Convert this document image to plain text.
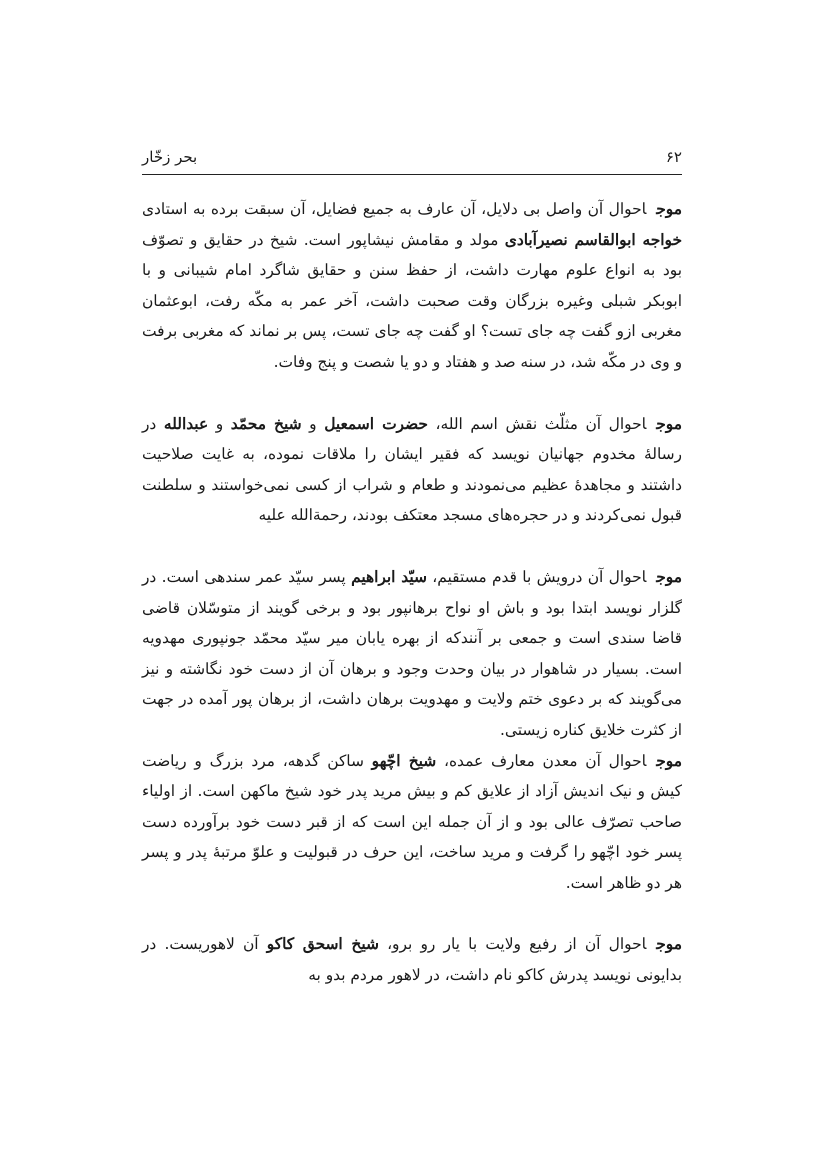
بحر زخّار	۶۲

موجاحوال آن واصل بی دلایل، آن عارف به جمیع فضایل، آن سبقت برده به استادی خواجه ابوالقاسم نصیرآبادی مولد و مقامش نیشاپور است. شیخ در حقایق و تصوّف بود به انواع علوم مهارت داشت، از حفظ سنن و حقایق شاگرد امام شیبانی و با ابوبکر شبلی وغیره بزرگان وقت صحبت داشت، آخر عمر به مکّه رفت، ابوعثمان مغربی ازو گفت چه جای تست؟ او گفت چه جای تست، پس بر نماند که مغربی برفت و وی در مکّه شد، در سنه صد و هفتاد و دو یا شصت و پنج وفات.

موجاحوال آن مثلّث نقش اسم الله، حضرت اسمعیل و شیخ محمّد و عبدالله در رسالهٔ مخدوم جهانیان نویسد که فقیر ایشان را ملاقات نموده، به غایت صلاحیت داشتند و مجاهدهٔ عظیم می‌نمودند و طعام و شراب از کسی نمی‌خواستند و سلطنت قبول نمی‌کردند و در حجره‌های مسجد معتکف بودند، رحمةالله علیه

موجاحوال آن درویش با قدم مستقیم، سیّد ابراهیم پسر سیّد عمر سندهی است. در گلزار نویسد ابتدا بود و باش او نواح برهانپور بود و برخی گویند از متوسّلان قاضی قاضا سندی است و جمعی بر آنندکه از بهره یابان میر سیّد محمّد جونپوری مهدویه است. بسیار در شاهوار در بیان وحدت وجود و برهان آن از دست خود نگاشته و نیز می‌گویند که بر دعوی ختم ولایت و مهدویت برهان داشت، از برهان پور آمده در جهت از کثرت خلایق کناره زیستی.

موجاحوال آن معدن معارف عمده، شیخ اچّهو ساکن گدهه، مرد بزرگ و ریاضت کیش و نیک اندیش آزاد از علایق کم و بیش مرید پدر خود شیخ ماکهن است. از اولیاء صاحب تصرّف عالی بود و از آن جمله این است که از قبر دست خود برآورده دست پسر خود اچّهو را گرفت و مرید ساخت، این حرف در قبولیت و علوّ مرتبهٔ پدر و پسر هر دو ظاهر است.

موجاحوال آن از رفیع ولایت با یار رو برو، شیخ اسحق کاکو آن لاهوریست. در بدایونی نویسد پدرش کاکو نام داشت، در لاهور مردم بدو به
